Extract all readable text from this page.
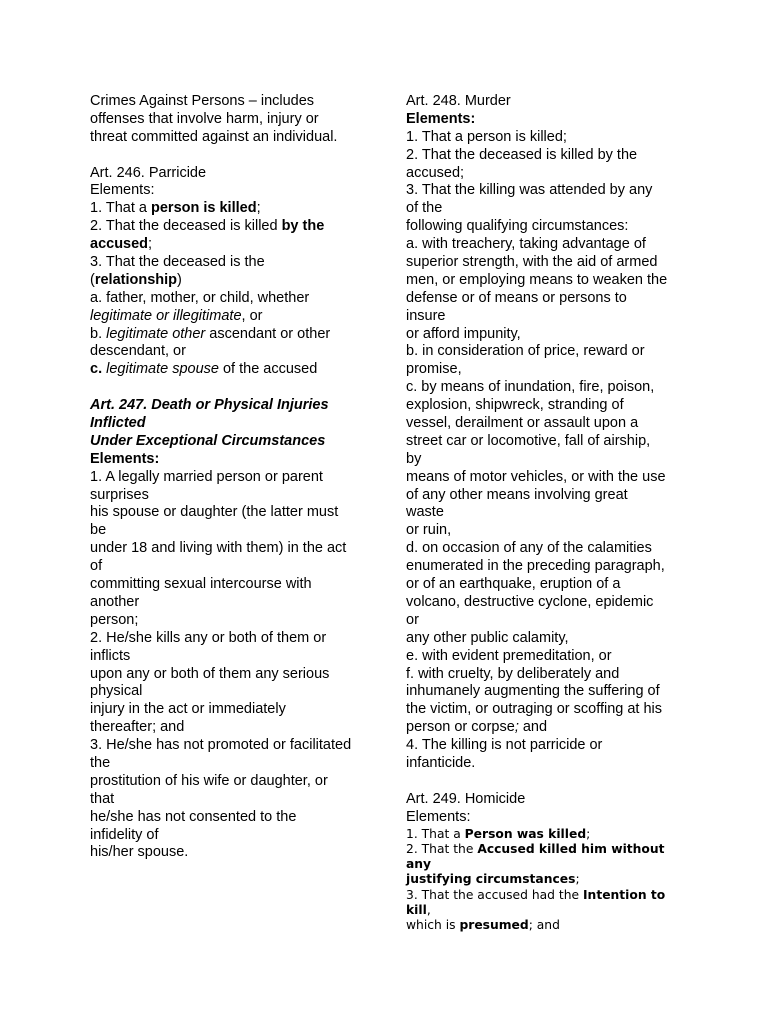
Crimes Against Persons – includes
offenses that involve harm, injury or
threat committed against an individual.
Art. 246. Parricide
Elements:
1. That a person is killed;
2. That the deceased is killed by the
accused;
3. That the deceased is the
(relationship)
a. father, mother, or child, whether
legitimate or illegitimate, or
b. legitimate other ascendant or other
descendant, or
c. legitimate spouse of the accused
Art. 247. Death or Physical Injuries
Inflicted
Under Exceptional Circumstances
Elements:
1. A legally married person or parent
surprises
his spouse or daughter (the latter must
be
under 18 and living with them) in the act
of
committing sexual intercourse with
another
person;
2. He/she kills any or both of them or
inflicts
upon any or both of them any serious
physical
injury in the act or immediately
thereafter; and
3. He/she has not promoted or facilitated
the
prostitution of his wife or daughter, or
that
he/she has not consented to the
infidelity of
his/her spouse.
Art. 248. Murder
Elements:
1. That a person is killed;
2. That the deceased is killed by the
accused;
3. That the killing was attended by any
of the
following qualifying circumstances:
a. with treachery, taking advantage of
superior strength, with the aid of armed
men, or employing means to weaken the
defense or of means or persons to
insure
or afford impunity,
b. in consideration of price, reward or
promise,
c. by means of inundation, fire, poison,
explosion, shipwreck, stranding of
vessel, derailment or assault upon a
street car or locomotive, fall of airship,
by
means of motor vehicles, or with the use
of any other means involving great
waste
or ruin,
d. on occasion of any of the calamities
enumerated in the preceding paragraph,
or of an earthquake, eruption of a
volcano, destructive cyclone, epidemic
or
any other public calamity,
e. with evident premeditation, or
f. with cruelty, by deliberately and
inhumanely augmenting the suffering of
the victim, or outraging or scoffing at his
person or corpse; and
4. The killing is not parricide or
infanticide.
Art. 249. Homicide
Elements:
1. That a Person was killed;
2. That the Accused killed him without
any
justifying circumstances;
3. That the accused had the Intention to
kill,
which is presumed; and
